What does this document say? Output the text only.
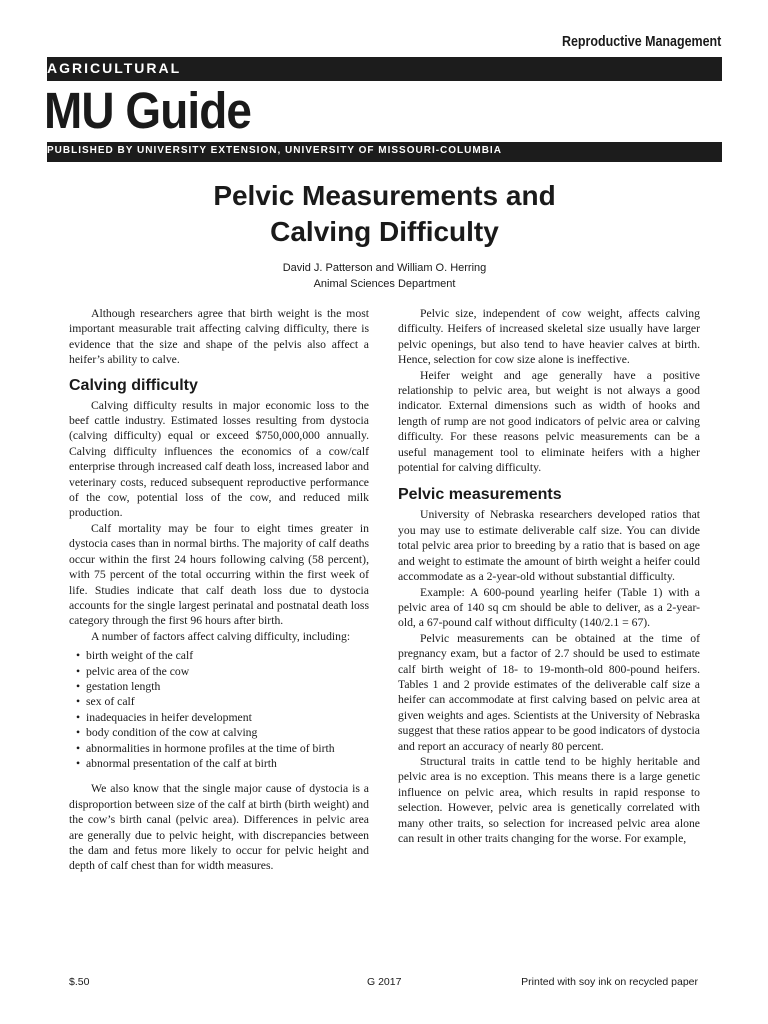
Reproductive Management
AGRICULTURAL
MU Guide
PUBLISHED BY UNIVERSITY EXTENSION, UNIVERSITY OF MISSOURI-COLUMBIA
Pelvic Measurements and
Calving Difficulty
David J. Patterson and William O. Herring
Animal Sciences Department

Although researchers agree that birth weight is the most important measurable trait affecting calving difficulty, there is evidence that the size and shape of the pelvis also affect a heifer’s ability to calve.

Calving difficulty

Calving difficulty results in major economic loss to the beef cattle industry. Estimated losses resulting from dystocia (calving difficulty) equal or exceed $750,000,000 annually. Calving difficulty influences the economics of a cow/calf enterprise through increased calf death loss, increased labor and veterinary costs, reduced subsequent reproductive performance of the cow, potential loss of the cow, and reduced milk production.

Calf mortality may be four to eight times greater in dystocia cases than in normal births. The majority of calf deaths occur within the first 24 hours following calving (58 percent), with 75 percent of the total occurring within the first week of life. Studies indicate that calf death loss due to dystocia accounts for the single largest perinatal and postnatal death loss category through the first 96 hours after birth.

A number of factors affect calving difficulty, including:

• birth weight of the calf
• pelvic area of the cow
• gestation length
• sex of calf
• inadequacies in heifer development
• body condition of the cow at calving
• abnormalities in hormone profiles at the time of birth
• abnormal presentation of the calf at birth

We also know that the single major cause of dystocia is a disproportion between size of the calf at birth (birth weight) and the cow’s birth canal (pelvic area). Differences in pelvic area are generally due to pelvic height, with discrepancies between the dam and fetus more likely to occur for pelvic height and depth of calf chest than for width measures.

Pelvic size, independent of cow weight, affects calving difficulty. Heifers of increased skeletal size usually have larger pelvic openings, but also tend to have heavier calves at birth. Hence, selection for cow size alone is ineffective.

Heifer weight and age generally have a positive relationship to pelvic area, but weight is not always a good indicator. External dimensions such as width of hooks and length of rump are not good indicators of pelvic area or calving difficulty. For these reasons pelvic measurements can be a useful management tool to eliminate heifers with a higher potential for calving difficulty.

Pelvic measurements

University of Nebraska researchers developed ratios that you may use to estimate deliverable calf size. You can divide total pelvic area prior to breeding by a ratio that is based on age and weight to estimate the amount of birth weight a heifer could accommodate as a 2-year-old without substantial difficulty.

Example: A 600-pound yearling heifer (Table 1) with a pelvic area of 140 sq cm should be able to deliver, as a 2-year-old, a 67-pound calf without difficulty (140/2.1 = 67).

Pelvic measurements can be obtained at the time of pregnancy exam, but a factor of 2.7 should be used to estimate calf birth weight of 18- to 19-month-old 800-pound heifers. Tables 1 and 2 provide estimates of the deliverable calf size a heifer can accommodate at first calving based on pelvic area at given weights and ages. Scientists at the University of Nebraska suggest that these ratios appear to be good indicators of dystocia and report an accuracy of nearly 80 percent.

Structural traits in cattle tend to be highly heritable and pelvic area is no exception. This means there is a large genetic influence on pelvic area, which results in rapid response to selection. However, pelvic area is genetically correlated with many other traits, so selection for increased pelvic area alone can result in other traits changing for the worse. For example,

$.50	G 2017	Printed with soy ink on recycled paper
